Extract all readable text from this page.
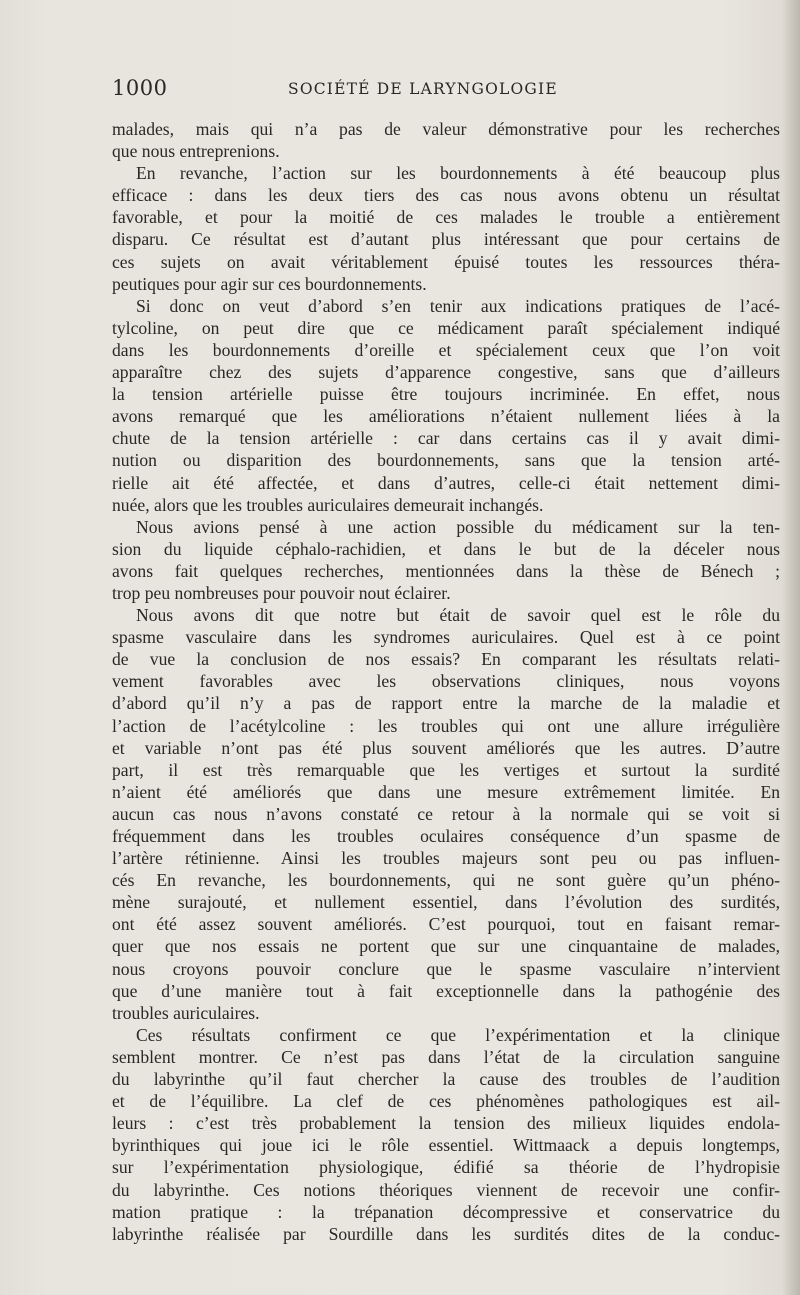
1000	SOCIÉTÉ DE LARYNGOLOGIE

malades, mais qui n’a pas de valeur démonstrative pour les recherches
que nous entreprenions.

En revanche, l’action sur les bourdonnements à été beaucoup plus
efficace : dans les deux tiers des cas nous avons obtenu un résultat
favorable, et pour la moitié de ces malades le trouble a entièrement
disparu. Ce résultat est d’autant plus intéressant que pour certains de
ces sujets on avait véritablement épuisé toutes les ressources théra-
peutiques pour agir sur ces bourdonnements.

Si donc on veut d’abord s’en tenir aux indications pratiques de l’acé-
tylcoline, on peut dire que ce médicament paraît spécialement indiqué
dans les bourdonnements d’oreille et spécialement ceux que l’on voit
apparaître chez des sujets d’apparence congestive, sans que d’ailleurs
la tension artérielle puisse être toujours incriminée. En effet, nous
avons remarqué que les améliorations n’étaient nullement liées à la
chute de la tension artérielle : car dans certains cas il y avait dimi-
nution ou disparition des bourdonnements, sans que la tension arté-
rielle ait été affectée, et dans d’autres, celle-ci était nettement dimi-
nuée, alors que les troubles auriculaires demeurait inchangés.

Nous avions pensé à une action possible du médicament sur la ten-
sion du liquide céphalo-rachidien, et dans le but de la déceler nous
avons fait quelques recherches, mentionnées dans la thèse de Bénech ;
trop peu nombreuses pour pouvoir nout éclairer.

Nous avons dit que notre but était de savoir quel est le rôle du
spasme vasculaire dans les syndromes auriculaires. Quel est à ce point
de vue la conclusion de nos essais? En comparant les résultats relati-
vement favorables avec les observations cliniques, nous voyons
d’abord qu’il n’y a pas de rapport entre la marche de la maladie et
l’action de l’acétylcoline : les troubles qui ont une allure irrégulière
et variable n’ont pas été plus souvent améliorés que les autres. D’autre
part, il est très remarquable que les vertiges et surtout la surdité
n’aient été améliorés que dans une mesure extrêmement limitée. En
aucun cas nous n’avons constaté ce retour à la normale qui se voit si
fréquemment dans les troubles oculaires conséquence d’un spasme de
l’artère rétinienne. Ainsi les troubles majeurs sont peu ou pas influen-
cés En revanche, les bourdonnements, qui ne sont guère qu’un phéno-
mène surajouté, et nullement essentiel, dans l’évolution des surdités,
ont été assez souvent améliorés. C’est pourquoi, tout en faisant remar-
quer que nos essais ne portent que sur une cinquantaine de malades,
nous croyons pouvoir conclure que le spasme vasculaire n’intervient
que d’une manière tout à fait exceptionnelle dans la pathogénie des
troubles auriculaires.

Ces résultats confirment ce que l’expérimentation et la clinique
semblent montrer. Ce n’est pas dans l’état de la circulation sanguine
du labyrinthe qu’il faut chercher la cause des troubles de l’audition
et de l’équilibre. La clef de ces phénomènes pathologiques est ail-
leurs : c’est très probablement la tension des milieux liquides endola-
byrinthiques qui joue ici le rôle essentiel. Wittmaack a depuis longtemps,
sur l’expérimentation physiologique, édifié sa théorie de l’hydropisie
du labyrinthe. Ces notions théoriques viennent de recevoir une confir-
mation pratique : la trépanation décompressive et conservatrice du
labyrinthe réalisée par Sourdille dans les surdités dites de la conduc-
